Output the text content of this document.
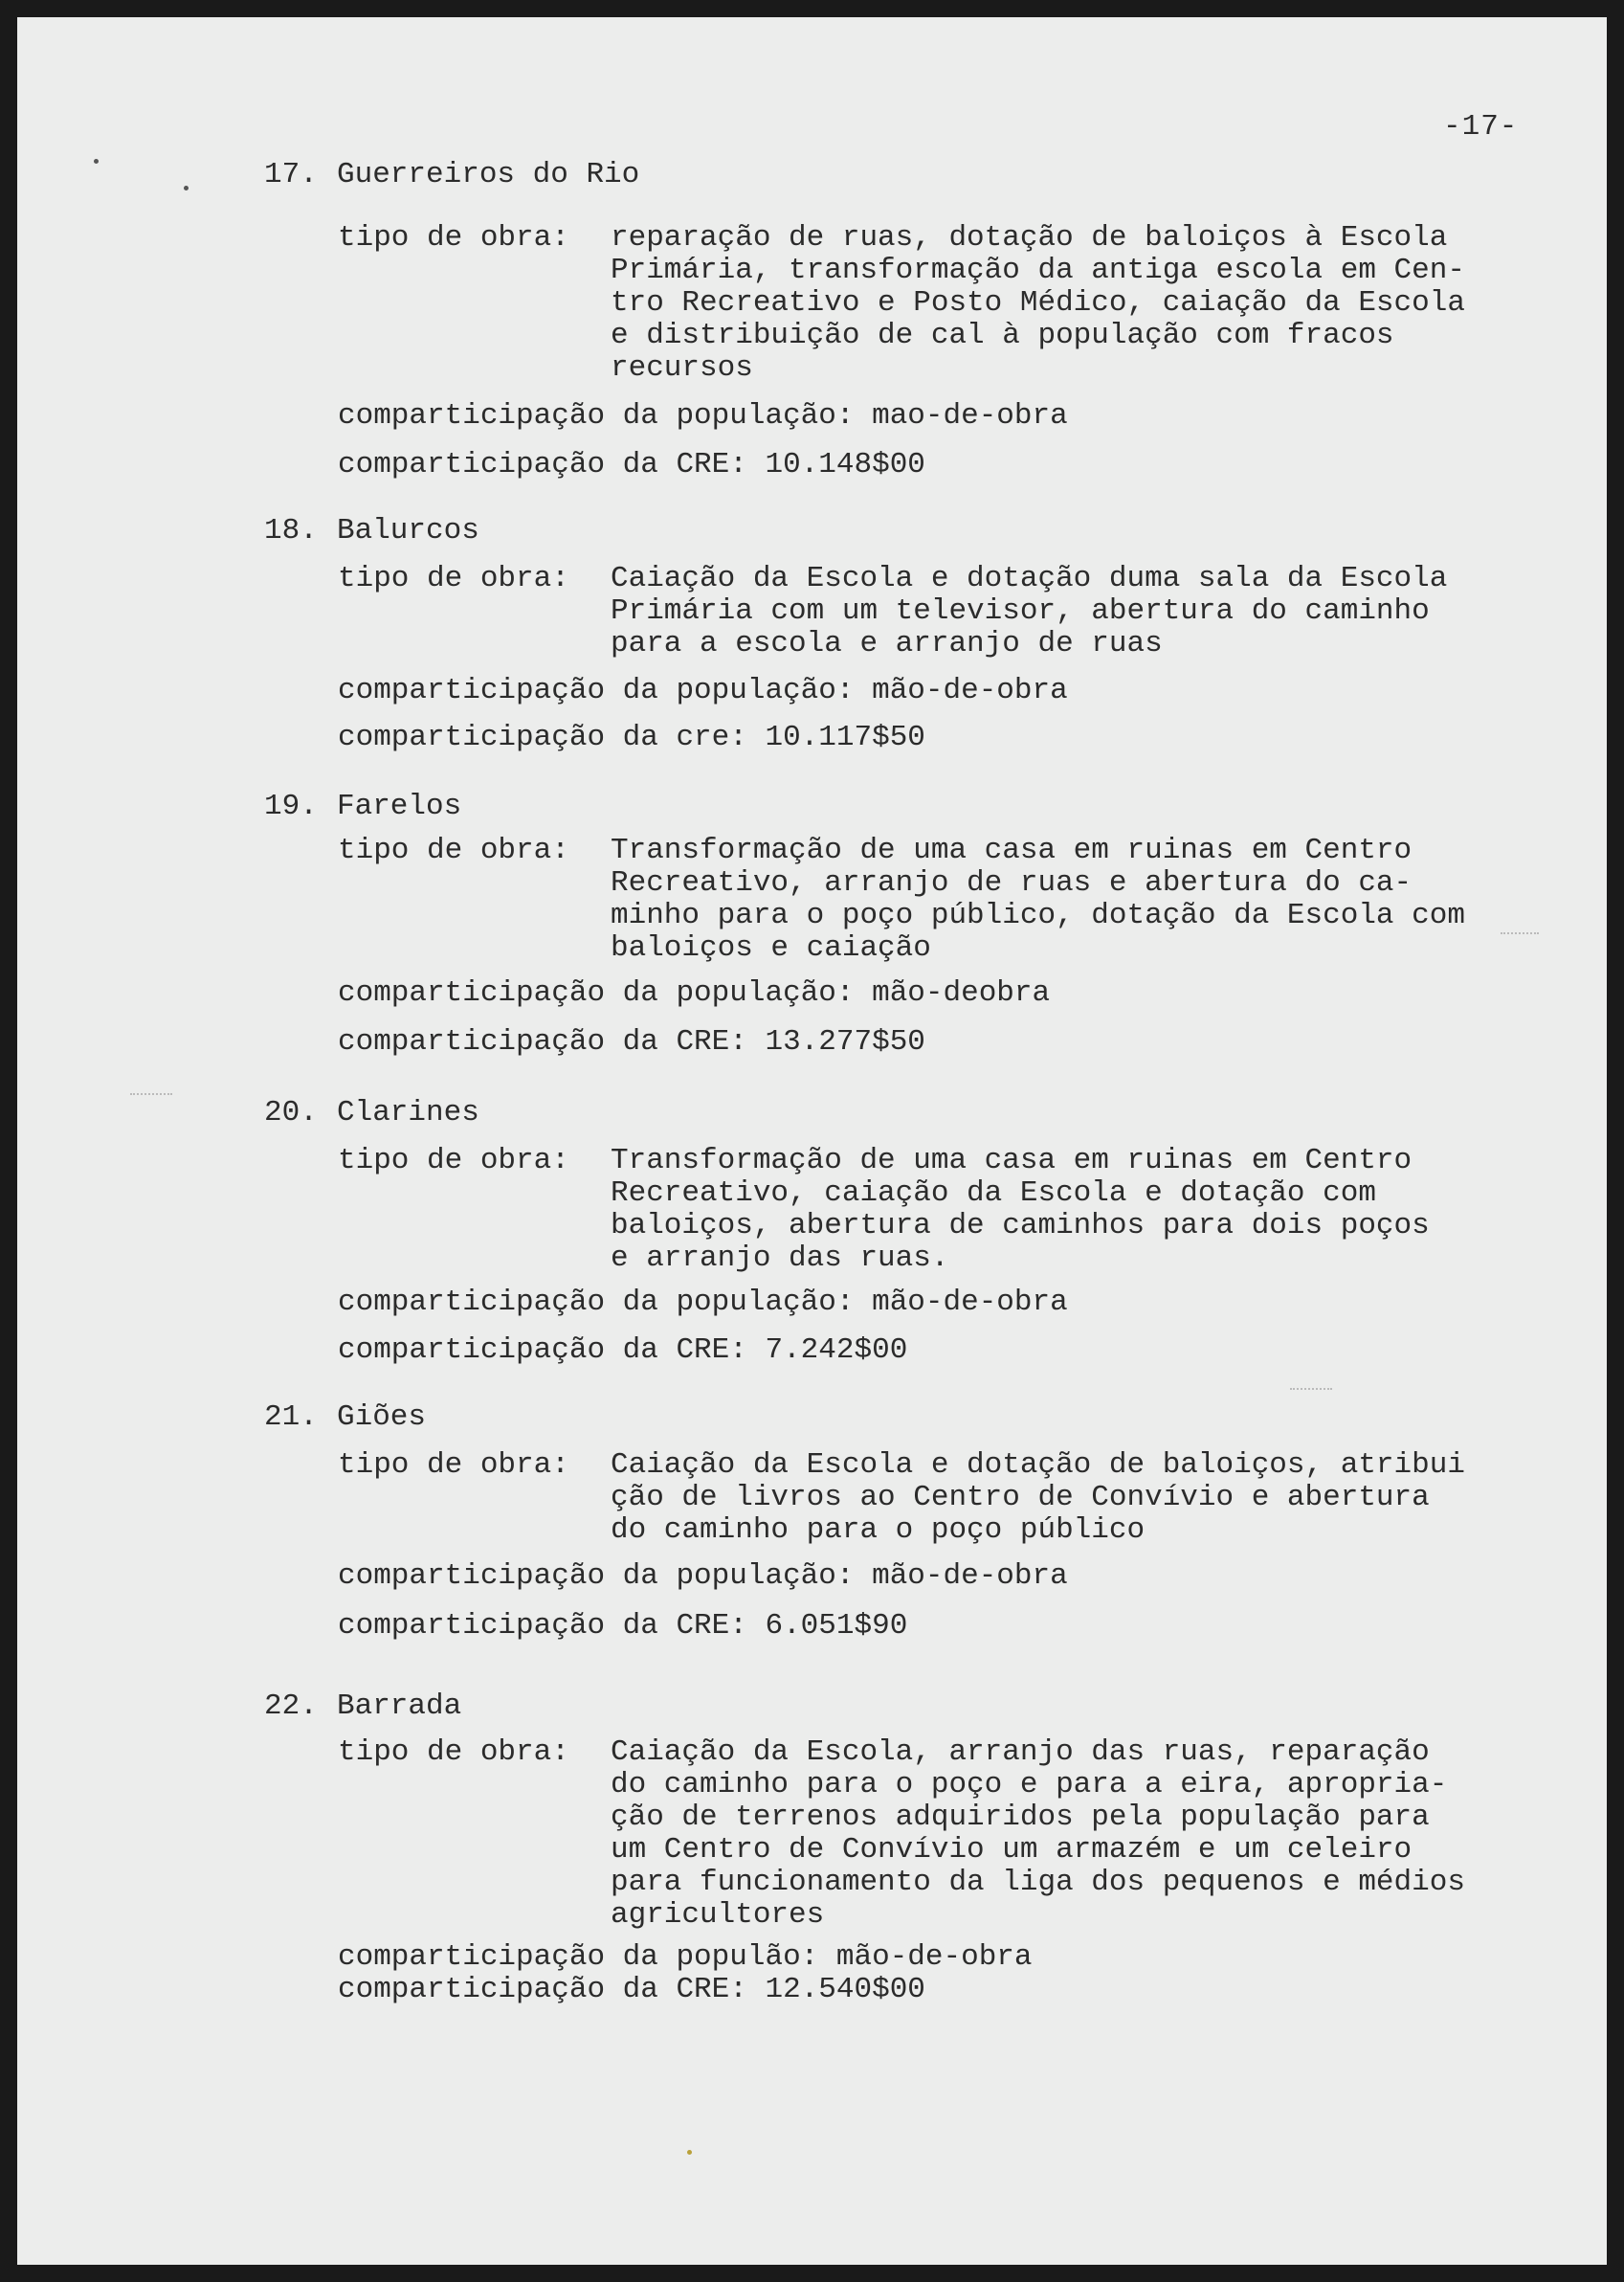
-17-
17. Guerreiros do Rio
tipo de obra: reparação de ruas, dotação de baloiços à Escola
Primária, transformação da antiga escola em Cen-
tro Recreativo e Posto Médico, caiação da Escola
e distribuição de cal à população com fracos
recursos
comparticipação da população: mao-de-obra
comparticipação da CRE: 10.148$00
18. Balurcos
tipo de obra: Caiação da Escola e dotação duma sala da Escola
Primária com um televisor, abertura do caminho
para a escola e arranjo de ruas
comparticipação da população: mão-de-obra
comparticipação da cre: 10.117$50
19. Farelos
tipo de obra: Transformação de uma casa em ruinas em Centro
Recreativo, arranjo de ruas e abertura do ca-
minho para o poço público, dotação da Escola com
baloiços e caiação
comparticipação da população: mão-deobra
comparticipação da CRE: 13.277$50
20. Clarines
tipo de obra: Transformação de uma casa em ruinas em Centro
Recreativo, caiação da Escola e dotação com
baloiços, abertura de caminhos para dois poços
e arranjo das ruas.
comparticipação da população: mão-de-obra
comparticipação da CRE: 7.242$00
21. Giões
tipo de obra: Caiação da Escola e dotação de baloiços, atribui
ção de livros ao Centro de Convívio e abertura
do caminho para o poço público
comparticipação da população: mão-de-obra
comparticipação da CRE: 6.051$90
22. Barrada
tipo de obra: Caiação da Escola, arranjo das ruas, reparação
do caminho para o poço e para a eira, apropria-
ção de terrenos adquiridos pela população para
um Centro de Convívio um armazém e um celeiro
para funcionamento da liga dos pequenos e médios
agricultores
comparticipação da populão: mão-de-obra
comparticipação da CRE: 12.540$00
